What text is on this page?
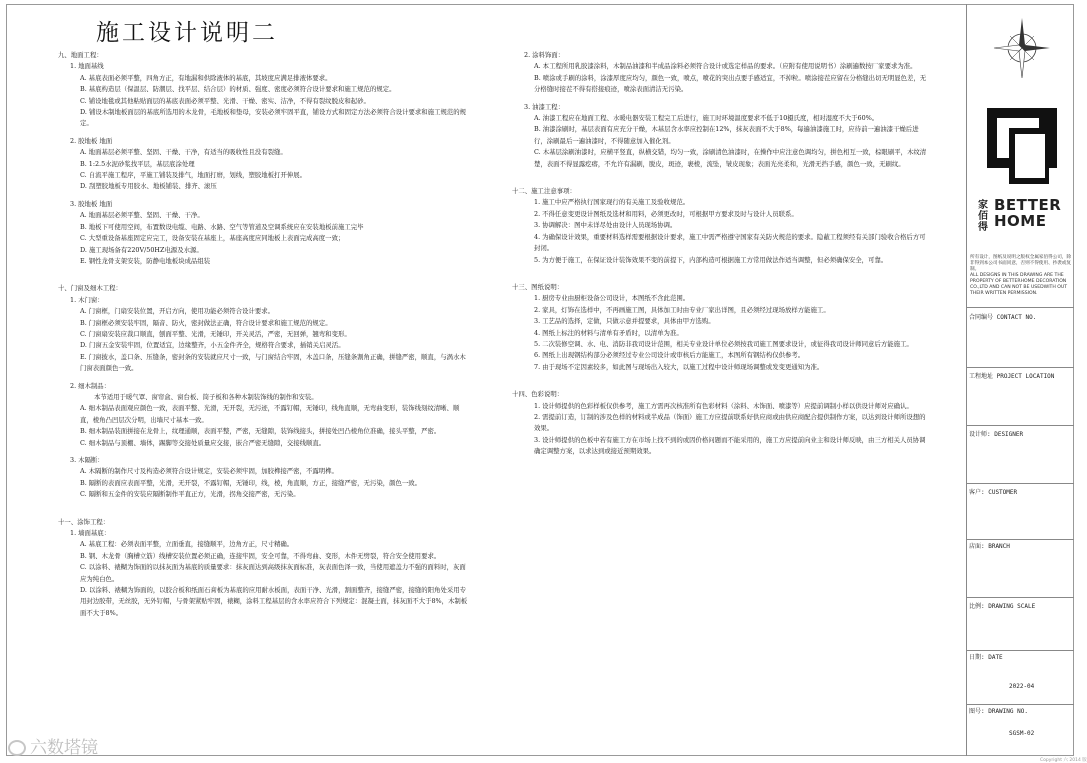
施工设计说明二
九、地面工程：
1. 地面基线
A. 基底表面必须平整，四角方正，有地漏和供除液体的基底，其坡度应满足排液体要求。
B. 基底构造层（保温层、防潮层、找平层、结合层）的材质、强度、密度必须符合设计要求和施工规范的规定。
C. 铺设地毯或其他粘贴面层的基底表面必须平整、光滑、干燥、密实、洁净，不得有裂纹脱皮和起砂。
D. 铺设木制地板面层的基底所选用的木龙骨，毛地板和垫母，安装必须牢固平直，铺设方式和固定方法必须符合设计要求和施工规范的规定。
2. 胶地板 地面
A. 地面基层必须平整、坚固、干燥、干净，有适当的吸收性且没有裂缝。
B. 1:2.5水泥砂浆找平层，基层底涂处理
C. 自流平施工程序，平施工铺装及排气，地面打磨，划线，塑胶地板打开伸展。
D. 刮塑胶地板专用胶水、地板铺装、排齐、滚压
3. 胶地板 地面
A. 地面基层必须平整、坚固、干燥、干净。
B. 地板下可使用空间，布置数设电缆、电路、水路、空气等管道及空调系统应在安装地板前施工完毕
C. 大型重设备基座固定应完工，设备安装在基座上，基座高度应同地板上表面完成高度一致；
D. 施工现场备有220V/50HZ电源及水源。
E. 钢性龙骨支架安装，防静电地板块成品组装
十、门窗及细木工程：
1. 木门窗：
A. 门窗框，门扇安装位置，开启方向，使用功能必须符合设计要求。
B. 门窗框必须安装牢固，隔音、防火，密封做法正确，符合设计要求和施工规范的规定。
C. 门窗扇安装应裁口顺直，刨面平整、光滑，无锤印，开关灵活，严密，无回弹，翘弯和变形。
D. 门窗五金安装牢固，位置适宜，边缘整齐，小五金件齐全，规格符合要求，插销关启灵活。
E. 门窗披水，盖口条、压缝条，密封条的安装就应尺寸一致，与门窗结合牢固，木盖口条，压缝条割角正确，拼缝严密，顺直，与涡水木门窗表面颜色一致。
2. 细木制品：
本节适用于暖气罩、窗帘盒、窗台板、筒子板和各种木制装饰线的制作和安装。
A. 细木制品表面观应颜色一致，表面平整、光滑，无开裂，无污迹，不露钉帽，无锤印，线角直顺，无弯曲变形，装饰线刻纹清晰、顺直，棱角凸凹层次分明，出墙尺寸基本一致。
B. 细木制品装面拼接在龙骨上，纹理通顺，表面平整，严密，无缝隙，装饰线接头，拼接处凹凸棱角位准确，接头平整，严密。
C. 细木制品与顶棚、墙体，踢脚等交接处质量应交接，嵌合严密无缝隙，交接线顺直。
3. 木隔断：
A. 木隔断的制作尺寸及构造必须符合设计规定，安装必须牢固，加胶榫接严密，不露明榫。
B. 隔断的表面应表面平整，光滑，无开裂，不露钉帽，无锤印，线，棱，角直顺，方正，接缝严密，无污染，颜色一致。
C. 隔断和五金件的安装应隔断制作平直正方，光滑，拐角交接严密，无污染。
十一、涂饰工程：
1. 墙面基底：
A. 基底工程：必须表面平整，立面垂直，接缝顺平，边角方正，尺寸精确。
B. 钢、木龙骨（胸槽立筋）线槽安装位置必须正确，连接牢固，安全可靠，不得弯曲、变形，木件无劈裂，符合安全使用要求。
C. 以涂料、裱糊为饰面的以抹灰面为基底的质量要求：抹灰面达到高级抹灰面标准，灰表面色泽一致，当使用遮盖力不强的面料时，灰面应为纯白色。
D. 以涂料、裱糊为饰面的，以胶合板和纸面石膏板为基底的应用耐水板面，表面干净、光滑，割面整齐，接缝严密，接缝的阳角处采用专用封边胶带，无丝胶，无外钉帽，与骨架紧贴牢固，裱糊，涂料工程基层的含水率应符合下列规定：混凝土面，抹灰面不大于8%，木制板面不大于8%。
2. 涂料饰面：
A. 本工程所用乳胶漆涂料，木制品油漆和半成品涂料必须符合设计或选定样品的要求。（应附有使用说明书）涂刷遍数按厂家要求为准。
B. 喷涂或手刷的涂料，涂漆厚度应均匀，颜色一致，喷点，喷花的突出点要手感适宜，不掉粒。喷涂接茬应留在分格缝出切无明显色差，无分格缝时接茬不得有搭接痕迹，喷涂表面清洁无污染。
3. 油漆工程：
A. 油漆工程应在地面工程、水暖电器安装工程完工后进行，施工时环境温度要求不低于10摄氏度，相对湿度不大于60%。
B. 油漆涂刷时，基层表面有应充分干燥，木基层含水率应控制在12%，抹灰表面不大于8%，每遍油漆施工时，应待前一遍油漆干燥后进行，涂刷最后一遍油漆时，不得随意加入催化剂。
C. 木基层涂刷油漆时，应横平竖直，纵横交错，均匀一致，涂刷清色油漆时，在操作中应注意色调均匀，拼色相互一致，棕眼刷平，木纹清楚，表面不得显露疙瘩，不允许有漏刷，脱皮，斑迹，裹棱，流坠，皱皮现象；表面光亮柔和，光滑无挡手感，颜色一致，无刷纹。
十二、施工注意事项：
1. 施工中应严格执行国家现行的有关施工及验收规范。
2. 不得任意变更设计图纸及选材和用料，必须更改时，可根据甲方要求及时与设计人员联系。
3. 协调解决：图中未详尽处由设计人员现场协调。
4. 为确保设计效果，重要材料选样需要根据设计要求，施工中需严格遵守国家有关防火规范的要求。隐蔽工程须经有关部门验收合格后方可封闭。
5. 为方便于施工，在保证设计装饰效果不变的前提下，内部构造可根据施工方常用做法作适当调整，但必须确保安全，可靠。
十三、图纸说明：
1. 厨房专业由厨柜设备公司设计，本图纸不含此范围。
2. 家具，灯饰在选样中，不再画施工图，具体加工时由专业厂家出详图，且必须经过现场放样方能施工。
3. 工艺品的选择，定做，只做示意并提要求，具体由甲方选购。
4. 图纸上标注的材料与清单有矛盾时，以清单为准。
5. 二次装修空调、水、电、消防非我司设计范围，相关专业设计单位必须按我司施工图要求设计，或征得我司设计师同意后方能施工。
6. 图纸上出现钢结构部分必须经过专业公司设计或审核后方能施工，本图所有钢结构仅供参考。
7. 由于现场不定因素较多，如此图与现场出入较大，以施工过程中设计师现场调整或发变更通知为准。
十四、色彩说明：
1. 设计师提供的色彩样板仅供参考，施工方需再次核准所有色彩材料（涂料、木饰面、喷漆等）应提前调制小样以供设计师对应确认。
2. 需提前订造，订制的涉及色样的材料或半成品（饰面）施工方应提前联系好供应商或由供应商配合提供制作方案，以达到设计师所设想的效果。
3. 设计师提供的色板中若有施工方在市场上找不到的或因价格问题而不能采用的，施工方应提前向业主和设计师反映，由三方相关人员协调确定调整方案，以求达到或接近预期效果。
家佰得
BETTER
HOME
所有设计，图纸及说明之版权全属家佰得公司，除非得到本公司书面同意，否则不得使用、抄袭或复制。
ALL DESIGNS IN THIS DRAWING ARE THE PROPERTY OF BETTERHOME DECORATION CO.,LTD AND CAN NOT BE USEDWITH OUT THEIR WRITTEN PERMISSION.
合同编号 CONTACT NO.
工程地址 PROJECT LOCATION
设计师: DESIGNER
客户: CUSTOMER
店面: BRANCH
比例: DRAWING SCALE
日期: DATE
2022-04
图号: DRAWING NO.
SGSM-02
六数塔镜
Copyright 六 2014 版
